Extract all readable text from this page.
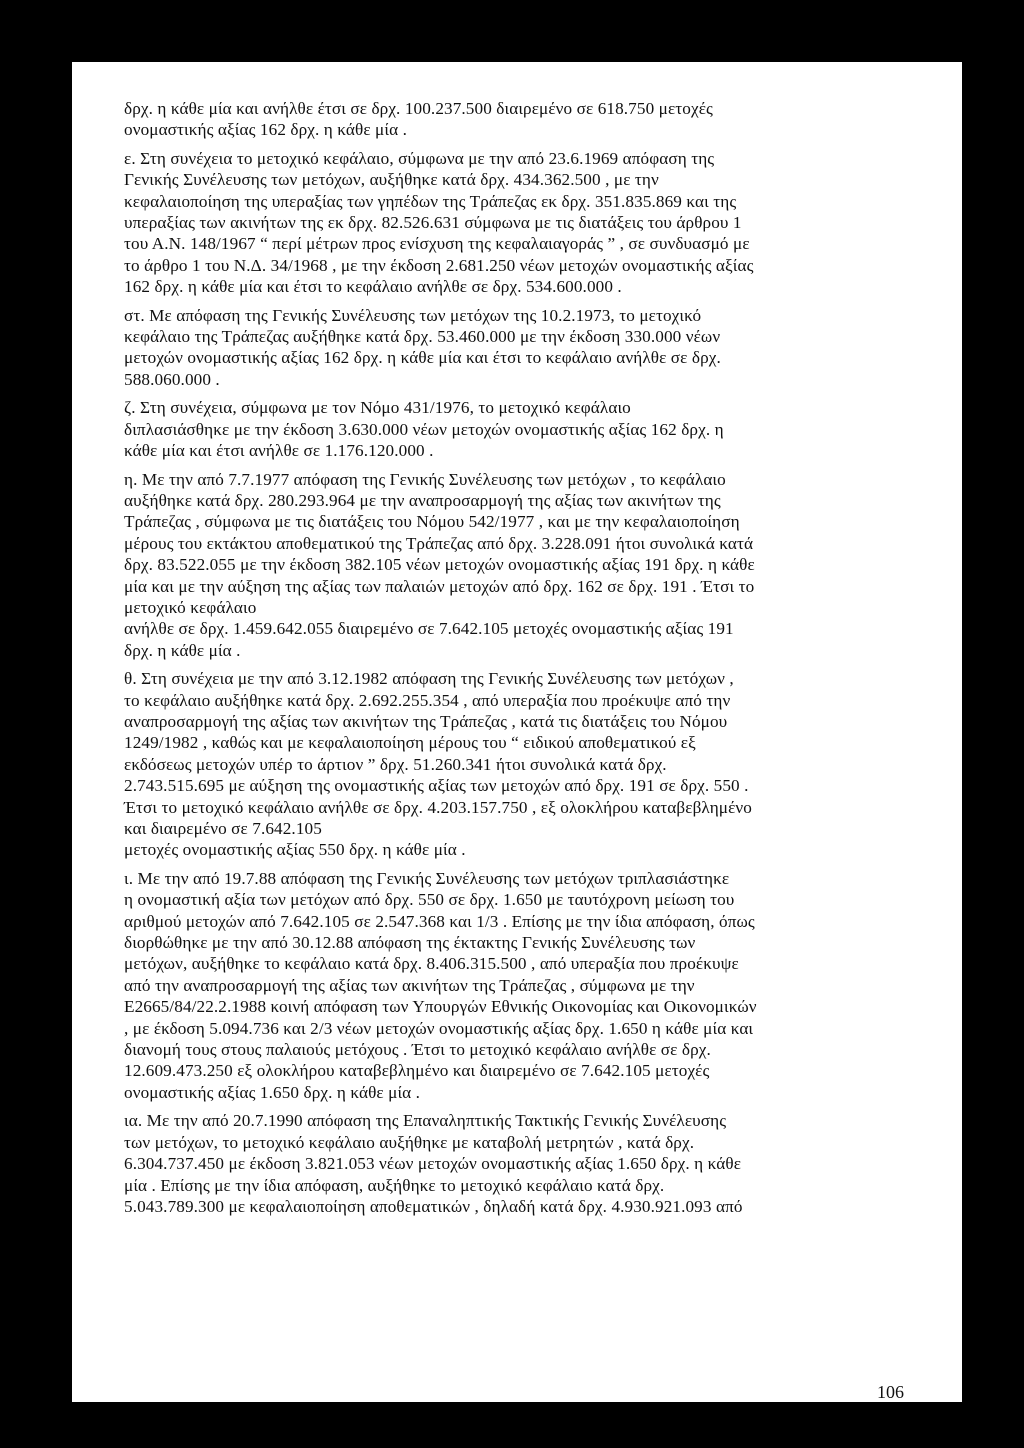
δρχ. η κάθε μία και ανήλθε έτσι σε δρχ. 100.237.500 διαιρεμένο σε 618.750 μετοχές
ονομαστικής αξίας 162 δρχ. η κάθε μία .

ε. Στη συνέχεια το μετοχικό κεφάλαιο, σύμφωνα με την από 23.6.1969 απόφαση της
Γενικής Συνέλευσης των μετόχων, αυξήθηκε κατά δρχ. 434.362.500 , με την
κεφαλαιοποίηση της υπεραξίας των γηπέδων της Τράπεζας εκ δρχ. 351.835.869 και της
υπεραξίας των ακινήτων της εκ δρχ. 82.526.631 σύμφωνα με τις διατάξεις του άρθρου 1
του Α.Ν. 148/1967 “ περί μέτρων προς ενίσχυση της κεφαλαιαγοράς ” , σε συνδυασμό με
το άρθρο 1 του Ν.Δ. 34/1968 , με την έκδοση 2.681.250 νέων μετοχών ονομαστικής αξίας
162 δρχ. η κάθε μία και έτσι το κεφάλαιο ανήλθε σε δρχ. 534.600.000 .

στ. Με απόφαση της Γενικής Συνέλευσης των μετόχων της 10.2.1973, το μετοχικό
κεφάλαιο της Τράπεζας αυξήθηκε κατά δρχ. 53.460.000 με την έκδοση 330.000 νέων
μετοχών ονομαστικής αξίας 162 δρχ. η κάθε μία και έτσι το κεφάλαιο ανήλθε σε δρχ.
588.060.000 .

ζ. Στη συνέχεια, σύμφωνα με τον Νόμο 431/1976, το μετοχικό κεφάλαιο
διπλασιάσθηκε με την έκδοση 3.630.000 νέων μετοχών ονομαστικής αξίας 162 δρχ. η
κάθε μία και έτσι ανήλθε σε 1.176.120.000 .

η. Με την από 7.7.1977 απόφαση της Γενικής Συνέλευσης των μετόχων , το κεφάλαιο
αυξήθηκε κατά δρχ. 280.293.964 με την αναπροσαρμογή της αξίας των ακινήτων της
Τράπεζας , σύμφωνα με τις διατάξεις του Νόμου 542/1977 , και με την κεφαλαιοποίηση
μέρους του εκτάκτου αποθεματικού της Τράπεζας από δρχ. 3.228.091 ήτοι συνολικά κατά
δρχ. 83.522.055 με την έκδοση 382.105 νέων μετοχών ονομαστικής αξίας 191 δρχ. η κάθε
μία και με την αύξηση της αξίας των παλαιών μετοχών από δρχ. 162 σε δρχ. 191 . Έτσι το
μετοχικό κεφάλαιο
ανήλθε σε δρχ. 1.459.642.055 διαιρεμένο σε 7.642.105 μετοχές ονομαστικής αξίας 191
δρχ. η κάθε μία .

θ. Στη συνέχεια με την από 3.12.1982 απόφαση της Γενικής Συνέλευσης των μετόχων ,
το κεφάλαιο αυξήθηκε κατά δρχ. 2.692.255.354 , από υπεραξία που προέκυψε από την
αναπροσαρμογή της αξίας των ακινήτων της Τράπεζας , κατά τις διατάξεις του Νόμου
1249/1982 , καθώς και με κεφαλαιοποίηση μέρους του “ ειδικού αποθεματικού εξ
εκδόσεως μετοχών υπέρ το άρτιον ” δρχ. 51.260.341 ήτοι συνολικά κατά δρχ.
2.743.515.695 με αύξηση της ονομαστικής αξίας των μετοχών από δρχ. 191 σε δρχ. 550 .
Έτσι το μετοχικό κεφάλαιο ανήλθε σε δρχ. 4.203.157.750 , εξ ολοκλήρου καταβεβλημένο
και διαιρεμένο σε 7.642.105
μετοχές ονομαστικής αξίας 550 δρχ. η κάθε μία .

ι. Με την από 19.7.88 απόφαση της Γενικής Συνέλευσης των μετόχων τριπλασιάστηκε
η ονομαστική αξία των μετόχων από δρχ. 550 σε δρχ. 1.650 με ταυτόχρονη μείωση του
αριθμού μετοχών από 7.642.105 σε 2.547.368 και 1/3 . Επίσης με την ίδια απόφαση, όπως
διορθώθηκε με την από 30.12.88 απόφαση της έκτακτης Γενικής Συνέλευσης των
μετόχων, αυξήθηκε το κεφάλαιο κατά δρχ. 8.406.315.500 , από υπεραξία που προέκυψε
από την αναπροσαρμογή της αξίας των ακινήτων της Τράπεζας , σύμφωνα με την
Ε2665/84/22.2.1988 κοινή απόφαση των Υπουργών Εθνικής Οικονομίας και Οικονομικών
, με έκδοση 5.094.736 και 2/3 νέων μετοχών ονομαστικής αξίας δρχ. 1.650 η κάθε μία και
διανομή τους στους παλαιούς μετόχους . Έτσι το μετοχικό κεφάλαιο ανήλθε σε δρχ.
12.609.473.250 εξ ολοκλήρου καταβεβλημένο και διαιρεμένο σε 7.642.105 μετοχές
ονομαστικής αξίας 1.650 δρχ. η κάθε μία .

ια. Με την από 20.7.1990 απόφαση της Επαναληπτικής Τακτικής Γενικής Συνέλευσης
των μετόχων, το μετοχικό κεφάλαιο αυξήθηκε με καταβολή μετρητών , κατά δρχ.
6.304.737.450 με έκδοση 3.821.053 νέων μετοχών ονομαστικής αξίας 1.650 δρχ. η κάθε
μία . Επίσης με την ίδια απόφαση, αυξήθηκε το μετοχικό κεφάλαιο κατά δρχ.
5.043.789.300 με κεφαλαιοποίηση αποθεματικών , δηλαδή κατά δρχ. 4.930.921.093 από

106
